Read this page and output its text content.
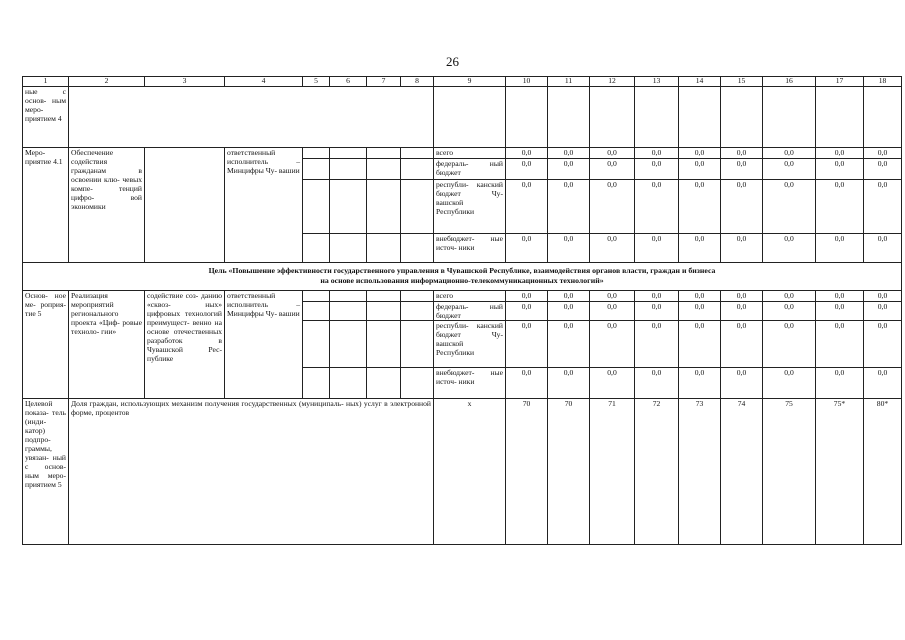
26
1	2	3	4	5	6	7	8	9	10	11	12	13	14	15	16	17	18
ные с основ- ным меро- приятием 4																	
Меро- приятие 4.1	Обеспечение содействия гражданам в освоении клю- чевых компе- тенций цифро- вой экономики		ответственный исполнитель – Минцифры Чу- вашии					всего	0,0	0,0	0,0	0,0	0,0	0,0	0,0	0,0	0,0
								федераль- ный бюджет	0,0	0,0	0,0	0,0	0,0	0,0	0,0	0,0	0,0
								республи- канский бюджет Чу- вашской Республики	0,0	0,0	0,0	0,0	0,0	0,0	0,0	0,0	0,0
								внебюджет- ные источ- ники	0,0	0,0	0,0	0,0	0,0	0,0	0,0	0,0	0,0

Цель «Повышение эффективности государственного управления в Чувашской Республике, взаимодействия органов власти, граждан и бизнеса
на основе использования информационно-телекоммуникационных технологий»																	

Основ- ное ме- роприя- тие 5	Реализация мероприятий регионального проекта «Циф- ровые техноло- гии»	содействие соз- данию «сквоз- ных» цифровых технологий преимущест- венно на основе отечественных разработок в Чувашской Рес- публике	ответственный исполнитель – Минцифры Чу- вашии					всего	0,0	0,0	0,0	0,0	0,0	0,0	0,0	0,0	0,0
								федераль- ный бюджет	0,0	0,0	0,0	0,0	0,0	0,0	0,0	0,0	0,0
								республи- канский бюджет Чу- вашской Республики	0,0	0,0	0,0	0,0	0,0	0,0	0,0	0,0	0,0
								внебюджет- ные источ- ники	0,0	0,0	0,0	0,0	0,0	0,0	0,0	0,0	0,0
Целевой показа- тель (инди- катор) подпро- граммы, увязан- ный с основ- ным меро- приятием 5	Доля граждан, использующих механизм получения государственных (муниципаль- ных) услуг в электронной форме, процентов							х	70	70	71	72	73	74	75	75*	80*
